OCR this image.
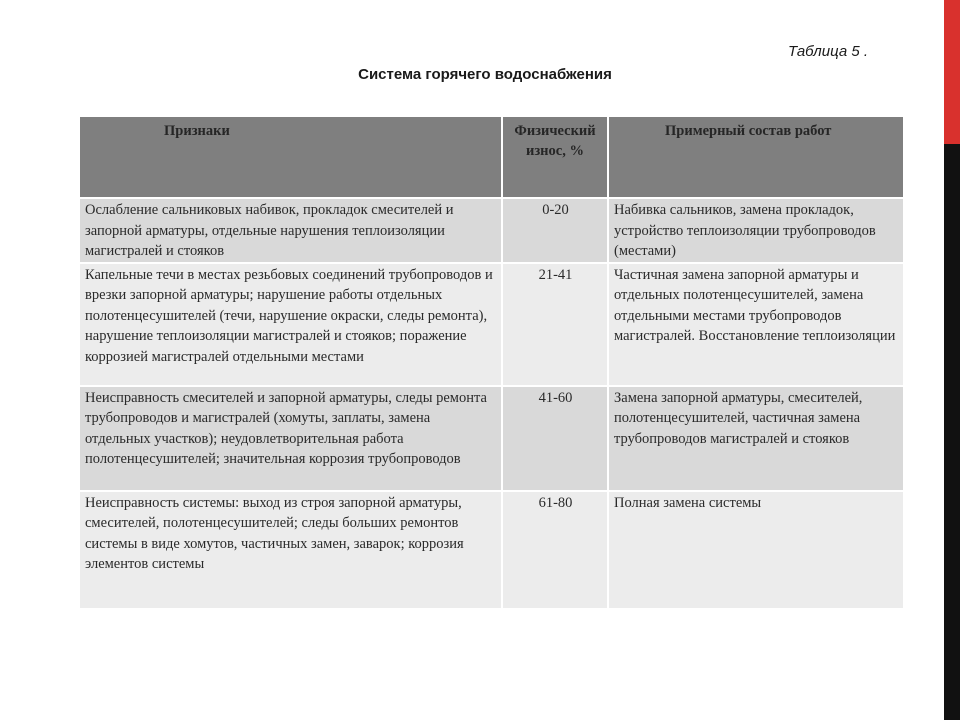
Таблица 5 .
Система горячего водоснабжения
Признаки	Физический износ, %	Примерный состав работ
Ослабление сальниковых набивок, прокладок смесителей и запорной арматуры, отдельные нарушения теплоизоляции магистралей и стояков	0-20	Набивка сальников, замена прокладок, устройство теплоизоляции трубопроводов (местами)
Капельные течи в местах резьбовых соединений трубопроводов и врезки запорной арматуры; нарушение работы отдельных полотенцесушителей (течи, нарушение окраски, следы ремонта), нарушение теплоизоляции магистралей и стояков; поражение коррозией магистралей отдельными местами	21-41	Частичная замена запорной арматуры и отдельных полотенцесушителей, замена отдельными местами трубопроводов магистралей. Восстановление теплоизоляции
Неисправность смесителей и запорной арматуры, следы ремонта трубопроводов и магистралей (хомуты, заплаты, замена отдельных участков); неудовлетворительная работа полотенцесушителей; значительная коррозия трубопроводов	41-60	Замена запорной арматуры, смесителей, полотенцесушителей, частичная замена трубопроводов магистралей и стояков
Неисправность системы: выход из строя запорной арматуры, смесителей, полотенцесушителей; следы больших ремонтов системы в виде хомутов, частичных замен, заварок; коррозия элементов системы	61-80	Полная замена системы
